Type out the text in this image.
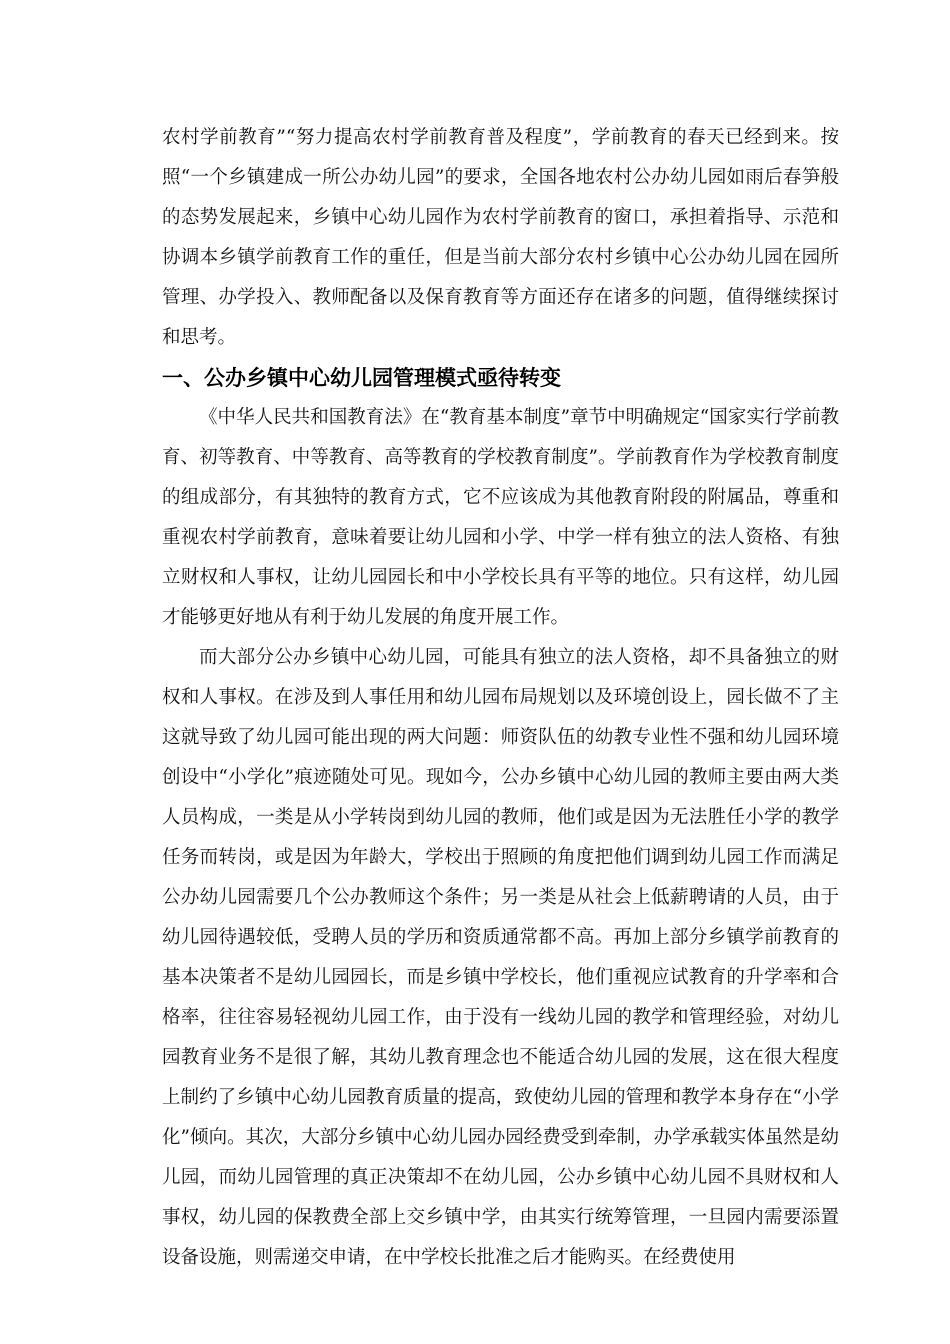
农村学前教育”“努力提高农村学前教育普及程度”，学前教育的春天已经到来。按照“一个乡镇建成一所公办幼儿园”的要求，全国各地农村公办幼儿园如雨后春笋般的态势发展起来，乡镇中心幼儿园作为农村学前教育的窗口，承担着指导、示范和协调本乡镇学前教育工作的重任，但是当前大部分农村乡镇中心公办幼儿园在园所管理、办学投入、教师配备以及保育教育等方面还存在诸多的问题，值得继续探讨和思考。

一、公办乡镇中心幼儿园管理模式亟待转变

《中华人民共和国教育法》在“教育基本制度”章节中明确规定“国家实行学前教育、初等教育、中等教育、高等教育的学校教育制度”。学前教育作为学校教育制度的组成部分，有其独特的教育方式，它不应该成为其他教育附段的附属品，尊重和重视农村学前教育，意味着要让幼儿园和小学、中学一样有独立的法人资格、有独立财权和人事权，让幼儿园园长和中小学校长具有平等的地位。只有这样，幼儿园才能够更好地从有利于幼儿发展的角度开展工作。

而大部分公办乡镇中心幼儿园，可能具有独立的法人资格，却不具备独立的财权和人事权。在涉及到人事任用和幼儿园布局规划以及环境创设上，园长做不了主这就导致了幼儿园可能出现的两大问题：师资队伍的幼教专业性不强和幼儿园环境创设中“小学化”痕迹随处可见。现如今，公办乡镇中心幼儿园的教师主要由两大类人员构成，一类是从小学转岗到幼儿园的教师，他们或是因为无法胜任小学的教学任务而转岗，或是因为年龄大，学校出于照顾的角度把他们调到幼儿园工作而满足公办幼儿园需要几个公办教师这个条件；另一类是从社会上低薪聘请的人员，由于幼儿园待遇较低，受聘人员的学历和资质通常都不高。再加上部分乡镇学前教育的基本决策者不是幼儿园园长，而是乡镇中学校长，他们重视应试教育的升学率和合格率，往往容易轻视幼儿园工作，由于没有一线幼儿园的教学和管理经验，对幼儿园教育业务不是很了解，其幼儿教育理念也不能适合幼儿园的发展，这在很大程度上制约了乡镇中心幼儿园教育质量的提高，致使幼儿园的管理和教学本身存在“小学化”倾向。其次，大部分乡镇中心幼儿园办园经费受到牵制，办学承载实体虽然是幼儿园，而幼儿园管理的真正决策却不在幼儿园，公办乡镇中心幼儿园不具财权和人事权，幼儿园的保教费全部上交乡镇中学，由其实行统筹管理，一旦园内需要添置设备设施，则需递交申请，在中学校长批准之后才能购买。在经费使用
